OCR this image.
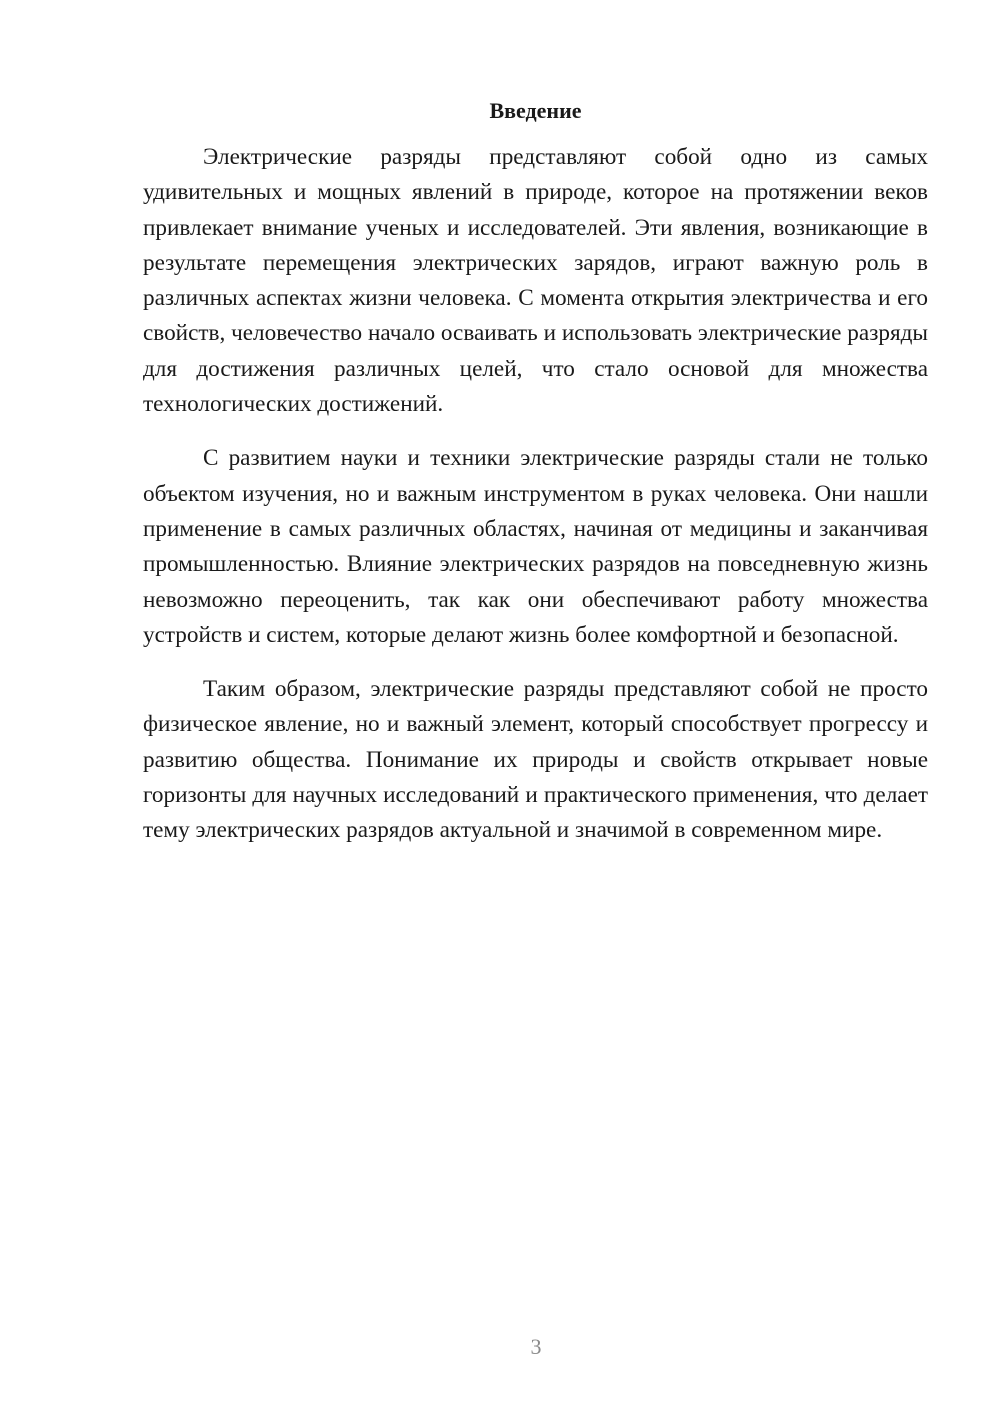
Введение

Электрические разряды представляют собой одно из самых удивительных и мощных явлений в природе, которое на протяжении веков привлекает внимание ученых и исследователей. Эти явления, возникающие в результате перемещения электрических зарядов, играют важную роль в различных аспектах жизни человека. С момента открытия электричества и его свойств, человечество начало осваивать и использовать электрические разряды для достижения различных целей, что стало основой для множества технологических достижений.

С развитием науки и техники электрические разряды стали не только объектом изучения, но и важным инструментом в руках человека. Они нашли применение в самых различных областях, начиная от медицины и заканчивая промышленностью. Влияние электрических разрядов на повседневную жизнь невозможно переоценить, так как они обеспечивают работу множества устройств и систем, которые делают жизнь более комфортной и безопасной.

Таким образом, электрические разряды представляют собой не просто физическое явление, но и важный элемент, который способствует прогрессу и развитию общества. Понимание их природы и свойств открывает новые горизонты для научных исследований и практического применения, что делает тему электрических разрядов актуальной и значимой в современном мире.

3
